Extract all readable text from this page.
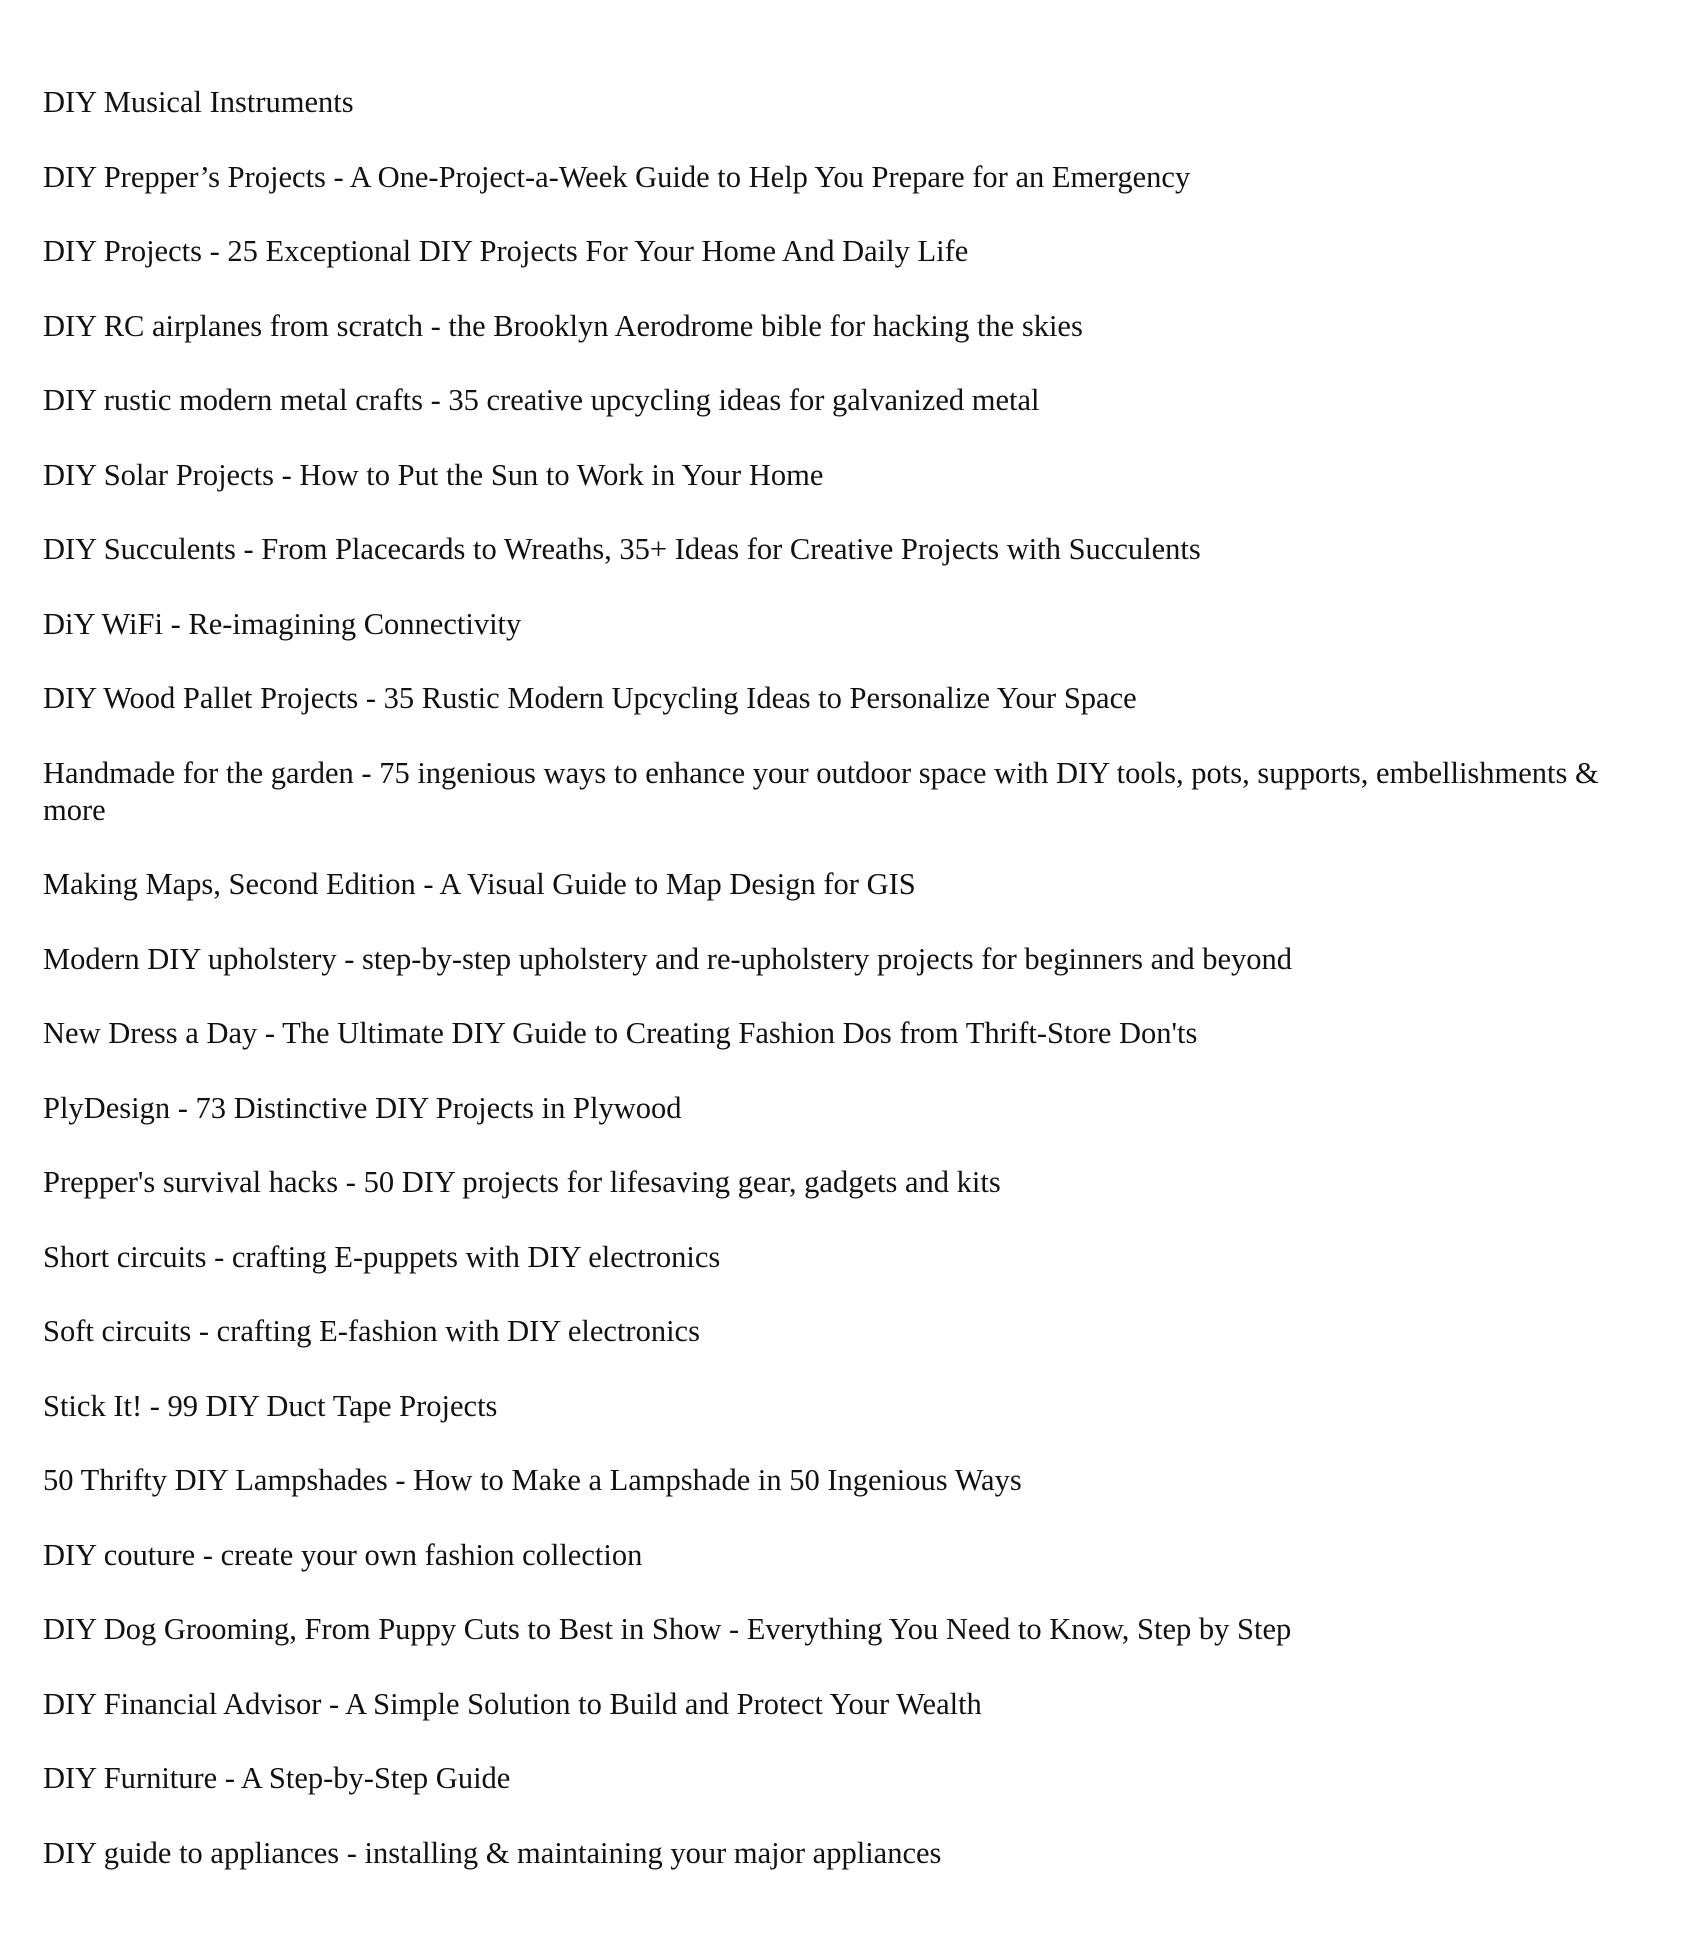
DIY Musical Instruments
DIY Prepper’s Projects - A One-Project-a-Week Guide to Help You Prepare for an Emergency
DIY Projects - 25 Exceptional DIY Projects For Your Home And Daily Life
DIY RC airplanes from scratch - the Brooklyn Aerodrome bible for hacking the skies
DIY rustic modern metal crafts - 35 creative upcycling ideas for galvanized metal
DIY Solar Projects - How to Put the Sun to Work in Your Home
DIY Succulents - From Placecards to Wreaths, 35+ Ideas for Creative Projects with Succulents
DiY WiFi - Re-imagining Connectivity
DIY Wood Pallet Projects - 35 Rustic Modern Upcycling Ideas to Personalize Your Space
Handmade for the garden - 75 ingenious ways to enhance your outdoor space with DIY tools, pots, supports, embellishments & more
Making Maps, Second Edition - A Visual Guide to Map Design for GIS
Modern DIY upholstery - step-by-step upholstery and re-upholstery projects for beginners and beyond
New Dress a Day - The Ultimate DIY Guide to Creating Fashion Dos from Thrift-Store Don'ts
PlyDesign - 73 Distinctive DIY Projects in Plywood
Prepper's survival hacks - 50 DIY projects for lifesaving gear, gadgets and kits
Short circuits - crafting E-puppets with DIY electronics
Soft circuits - crafting E-fashion with DIY electronics
Stick It! - 99 DIY Duct Tape Projects
50 Thrifty DIY Lampshades - How to Make a Lampshade in 50 Ingenious Ways
DIY couture - create your own fashion collection
DIY Dog Grooming, From Puppy Cuts to Best in Show - Everything You Need to Know, Step by Step
DIY Financial Advisor - A Simple Solution to Build and Protect Your Wealth
DIY Furniture - A Step-by-Step Guide
DIY guide to appliances - installing & maintaining your major appliances
